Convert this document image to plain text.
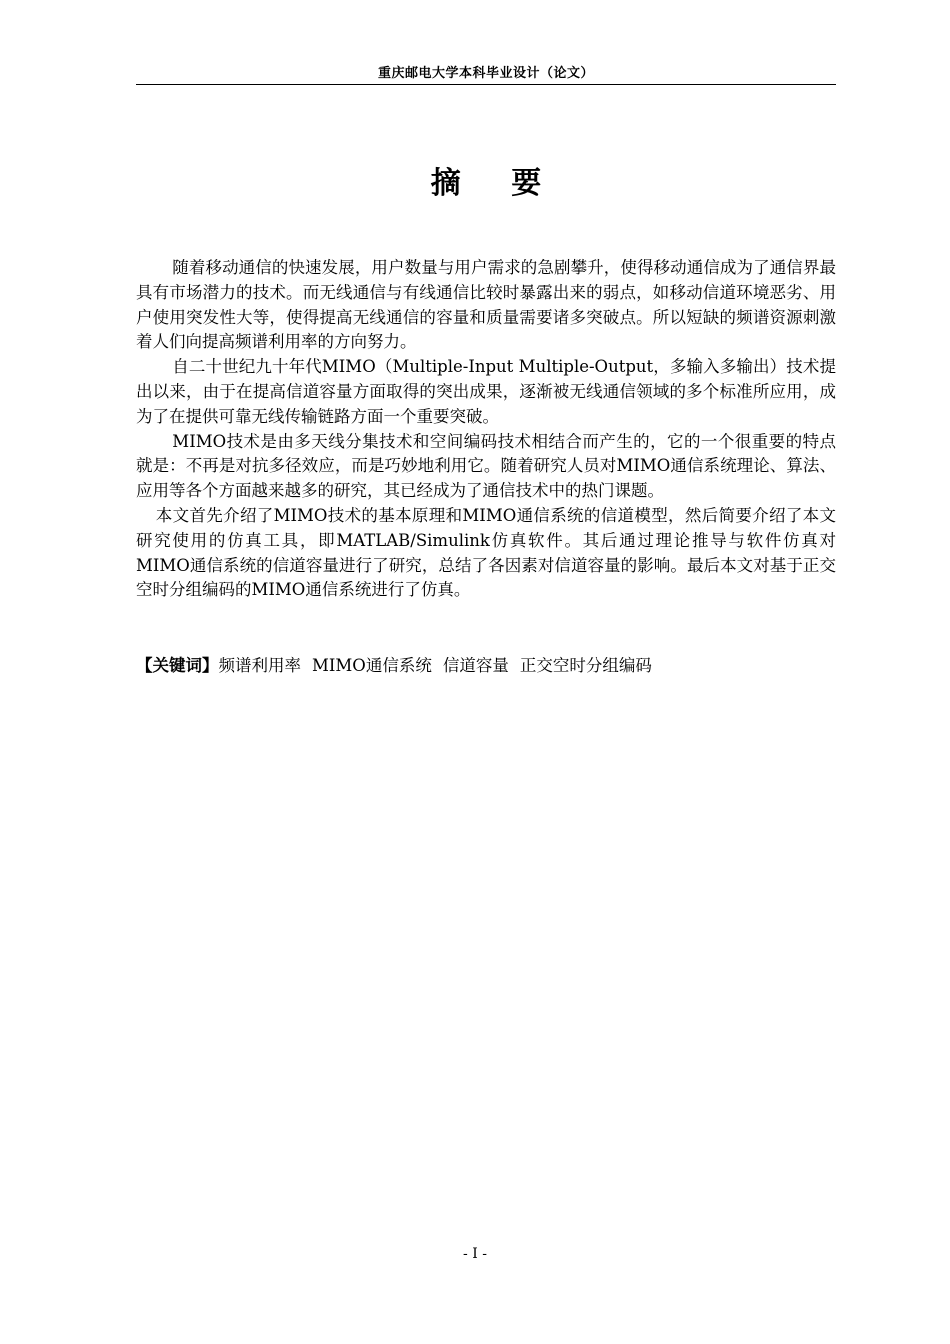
重庆邮电大学本科毕业设计（论文）
摘 要

随着移动通信的快速发展，用户数量与用户需求的急剧攀升，使得移动通信成为了通信界最具有市场潜力的技术。而无线通信与有线通信比较时暴露出来的弱点，如移动信道环境恶劣、用户使用突发性大等，使得提高无线通信的容量和质量需要诸多突破点。所以短缺的频谱资源刺激着人们向提高频谱利用率的方向努力。

自二十世纪九十年代MIMO（Multiple-Input Multiple-Output，多输入多输出）技术提出以来，由于在提高信道容量方面取得的突出成果，逐渐被无线通信领域的多个标准所应用，成为了在提供可靠无线传输链路方面一个重要突破。

MIMO技术是由多天线分集技术和空间编码技术相结合而产生的，它的一个很重要的特点就是：不再是对抗多径效应，而是巧妙地利用它。随着研究人员对MIMO通信系统理论、算法、应用等各个方面越来越多的研究，其已经成为了通信技术中的热门课题。

本文首先介绍了MIMO技术的基本原理和MIMO通信系统的信道模型，然后简要介绍了本文研究使用的仿真工具，即MATLAB/Simulink仿真软件。其后通过理论推导与软件仿真对MIMO通信系统的信道容量进行了研究，总结了各因素对信道容量的影响。最后本文对基于正交空时分组编码的MIMO通信系统进行了仿真。

【关键词】频谱利用率 MIMO通信系统 信道容量 正交空时分组编码
- I -
